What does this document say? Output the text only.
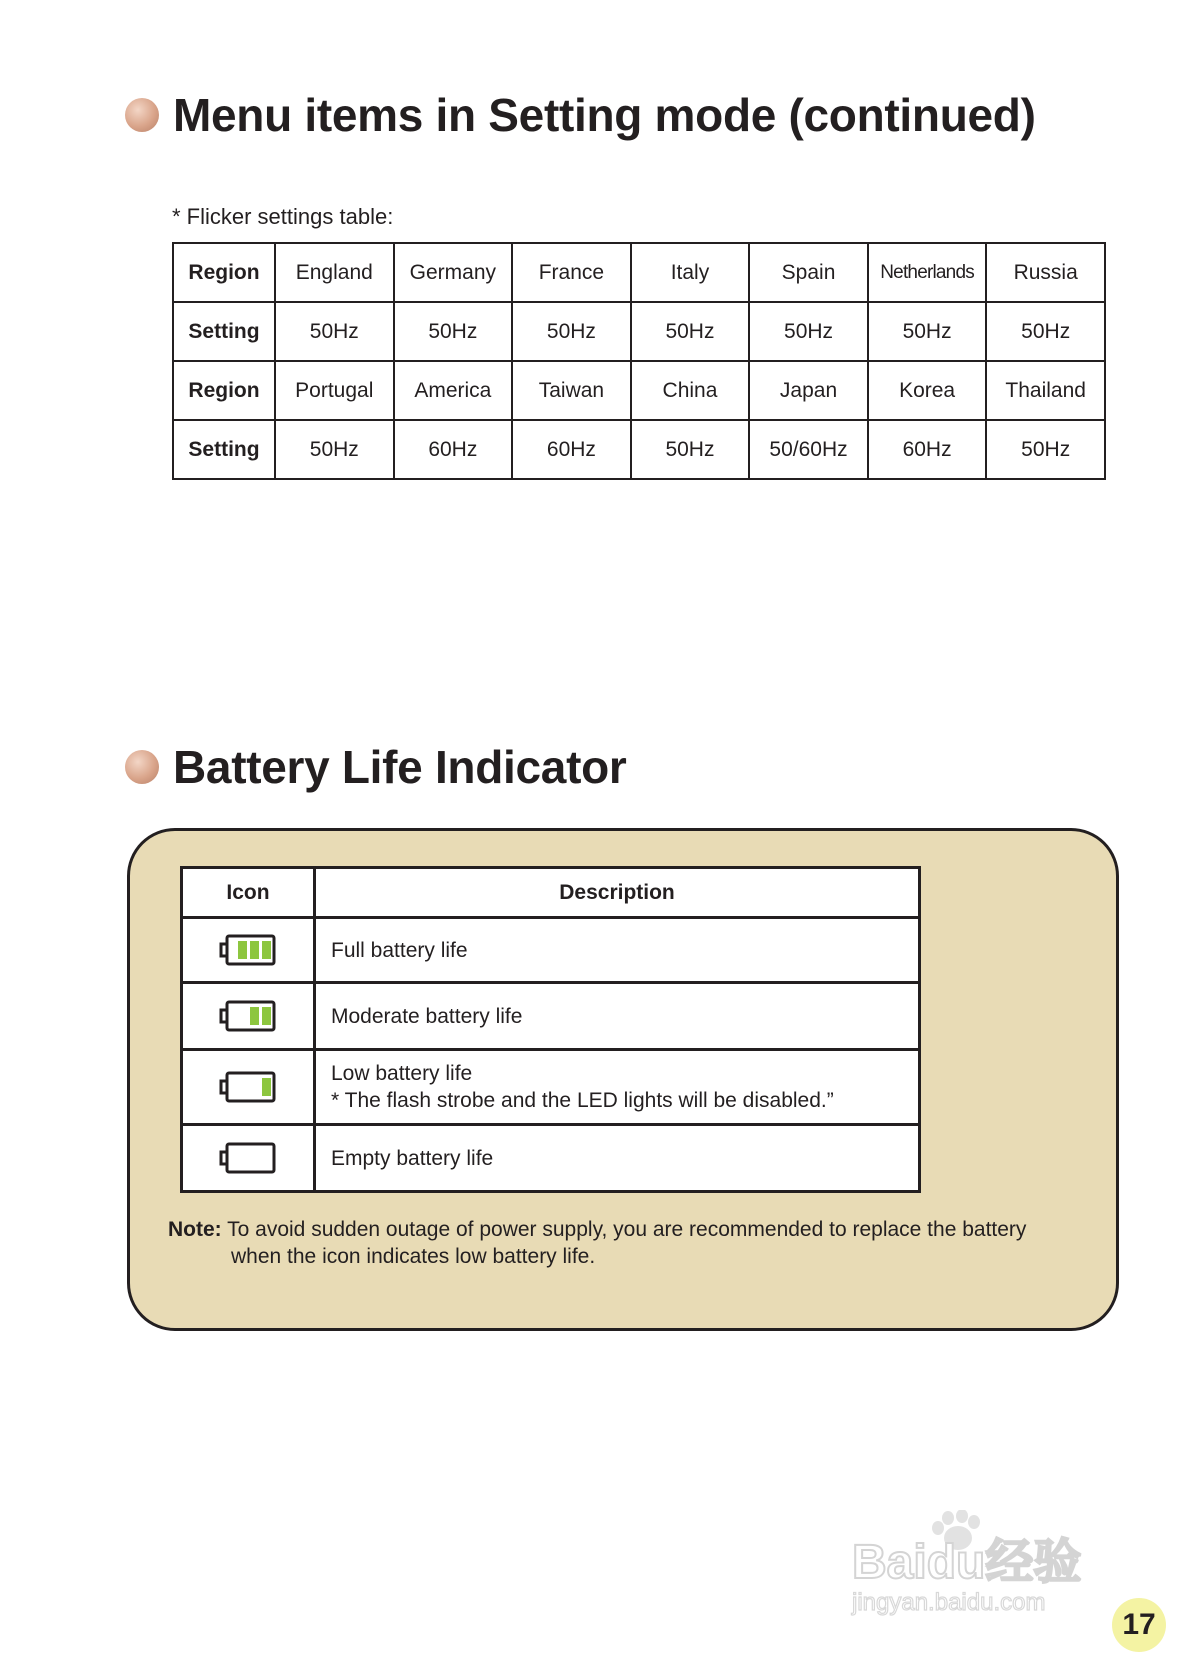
Menu items in Setting mode (continued)
* Flicker settings table:
Region	England	Germany	France	Italy	Spain	Netherlands	Russia
Setting	50Hz	50Hz	50Hz	50Hz	50Hz	50Hz	50Hz
Region	Portugal	America	Taiwan	China	Japan	Korea	Thailand
Setting	50Hz	60Hz	60Hz	50Hz	50/60Hz	60Hz	50Hz
Battery Life Indicator
Icon	Description

Full battery life

Moderate battery life

Low battery life
* The flash strobe and the LED lights will be disabled.”

Empty battery life
Note: To avoid sudden outage of power supply, you are recommended to replace the battery
when the icon indicates low battery life.
Baidu经验
jingyan.baidu.com
17
